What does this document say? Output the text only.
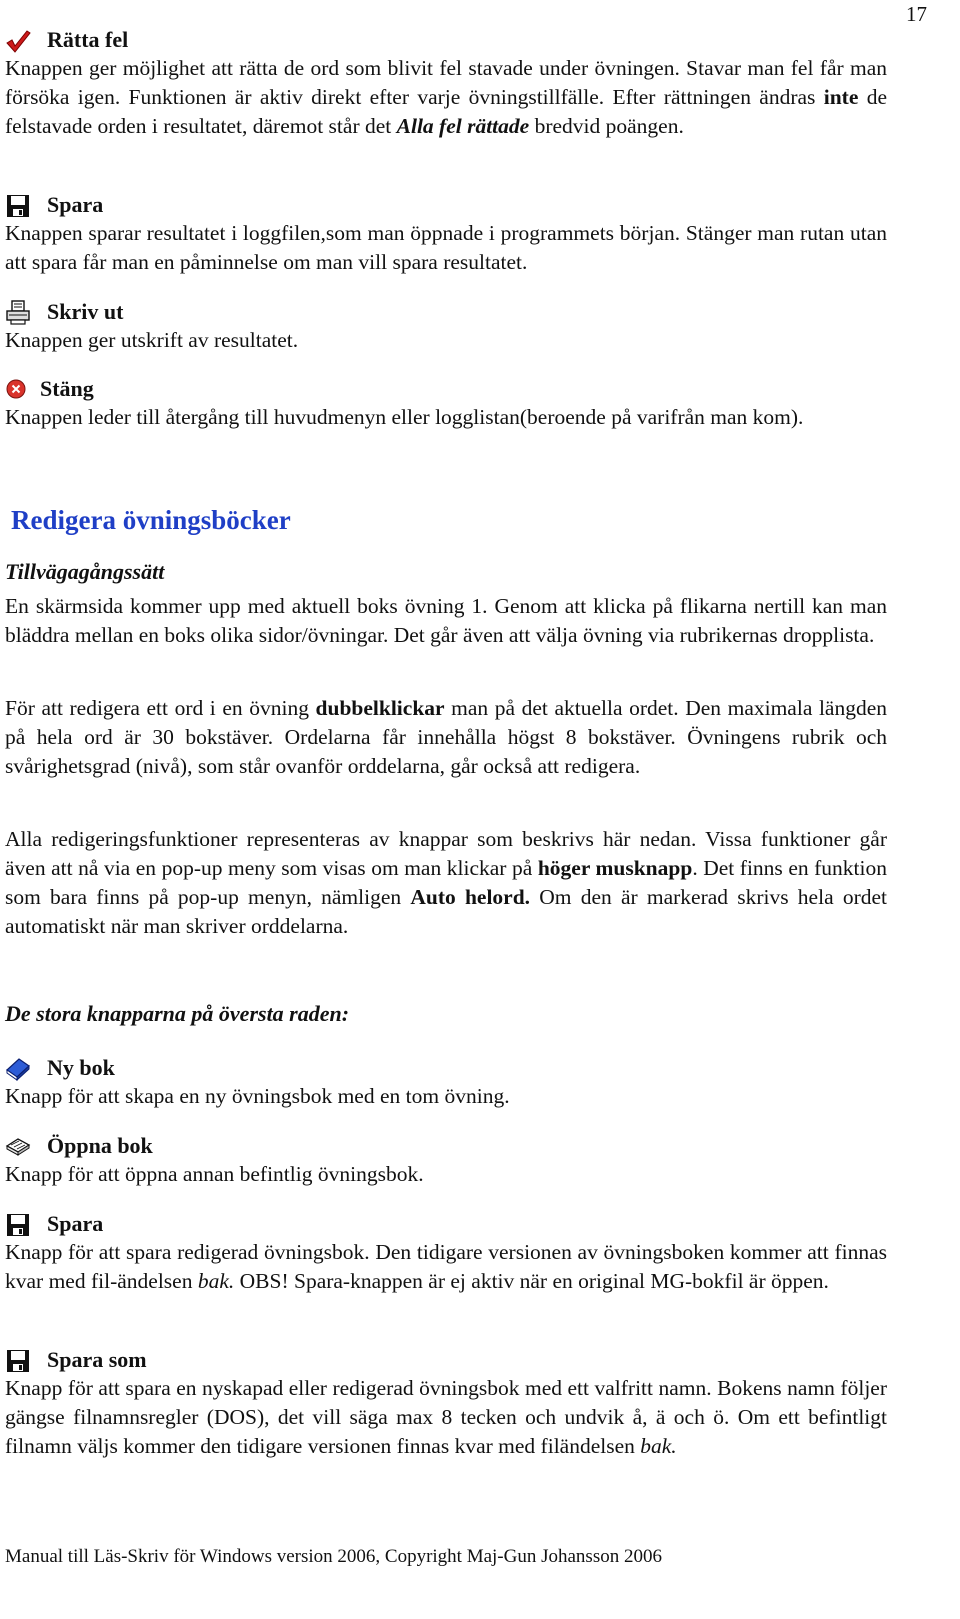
17
Rätta fel

Knappen ger möjlighet att rätta de ord som blivit fel stavade under övningen. Stavar man fel får man försöka igen. Funktionen är aktiv direkt efter varje övningstillfälle. Efter rättningen ändras inte de felstavade orden i resultatet, däremot står det Alla fel rättade bredvid poängen.

Spara

Knappen sparar resultatet i loggfilen,som man öppnade i programmets början. Stänger man rutan utan att spara får man en påminnelse om man vill spara resultatet.

Skriv ut

Knappen ger utskrift av resultatet.

Stäng

Knappen leder till återgång till huvudmenyn eller logglistan(beroende på varifrån man kom).

Redigera övningsböcker
Tillvägagångssätt

En skärmsida kommer upp med aktuell boks övning 1. Genom att klicka på flikarna nertill kan man bläddra mellan en boks olika sidor/övningar. Det går även att välja övning via rubrikernas dropplista.

För att redigera ett ord i en övning dubbelklickar man på det aktuella ordet. Den maximala längden på hela ord är 30 bokstäver. Ordelarna får innehålla högst 8 bokstäver. Övningens rubrik och svårighetsgrad (nivå), som står ovanför orddelarna, går också att redigera.

Alla redigeringsfunktioner representeras av knappar som beskrivs här nedan. Vissa funktioner går även att nå via en pop-up meny som visas om man klickar på höger musknapp. Det finns en funktion som bara finns på pop-up menyn, nämligen Auto helord. Om den är markerad skrivs hela ordet automatiskt när man skriver orddelarna.

De stora knapparna på översta raden:
Ny bok

Knapp för att skapa en ny övningsbok med en tom övning.

Öppna bok

Knapp för att öppna annan befintlig övningsbok.

Spara

Knapp för att spara redigerad övningsbok. Den tidigare versionen av övningsboken kommer att finnas kvar med fil-ändelsen bak. OBS! Spara-knappen är ej aktiv när en original MG-bokfil är öppen.

Spara som

Knapp för att spara en nyskapad eller redigerad övningsbok med ett valfritt namn. Bokens namn följer gängse filnamnsregler (DOS), det vill säga max 8 tecken och undvik å, ä och ö. Om ett befintligt filnamn väljs kommer den tidigare versionen finnas kvar med filändelsen bak.

Manual till Läs-Skriv för Windows version 2006, Copyright Maj-Gun Johansson 2006
